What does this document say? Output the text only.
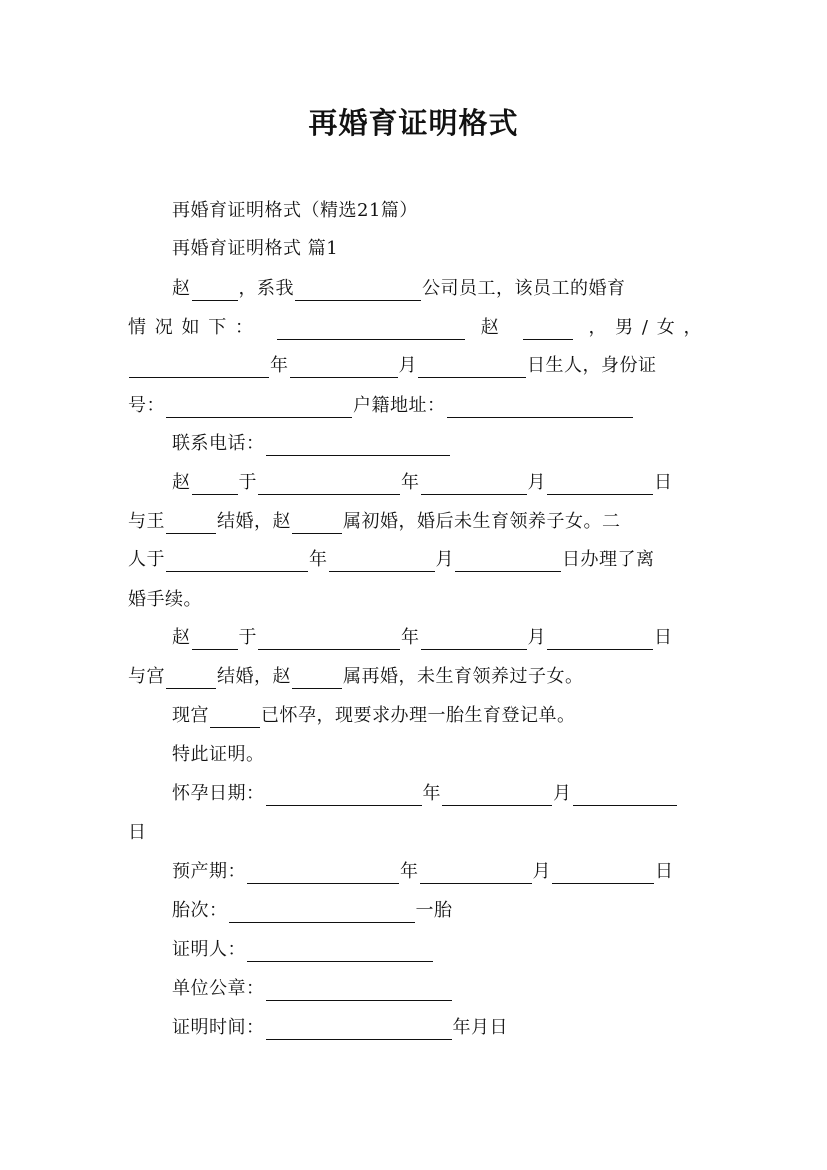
再婚育证明格式
再婚育证明格式（精选21篇）
再婚育证明格式 篇1
赵	，系我	公司员工，该员工的婚育
情况如下：	赵	，男/女，
年	月	日生人，身份证
号：	户籍地址：
联系电话：
赵	于	年	月	日
与王	结婚，赵	属初婚，婚后未生育领养子女。二
人于	年	月	日办理了离
婚手续。
赵	于	年	月	日
与宫	结婚，赵	属再婚，未生育领养过子女。
现宫	已怀孕，现要求办理一胎生育登记单。
特此证明。
怀孕日期：	年	月
日
预产期：	年	月	日
胎次：	一胎
证明人：
单位公章：
证明时间：	年月日
